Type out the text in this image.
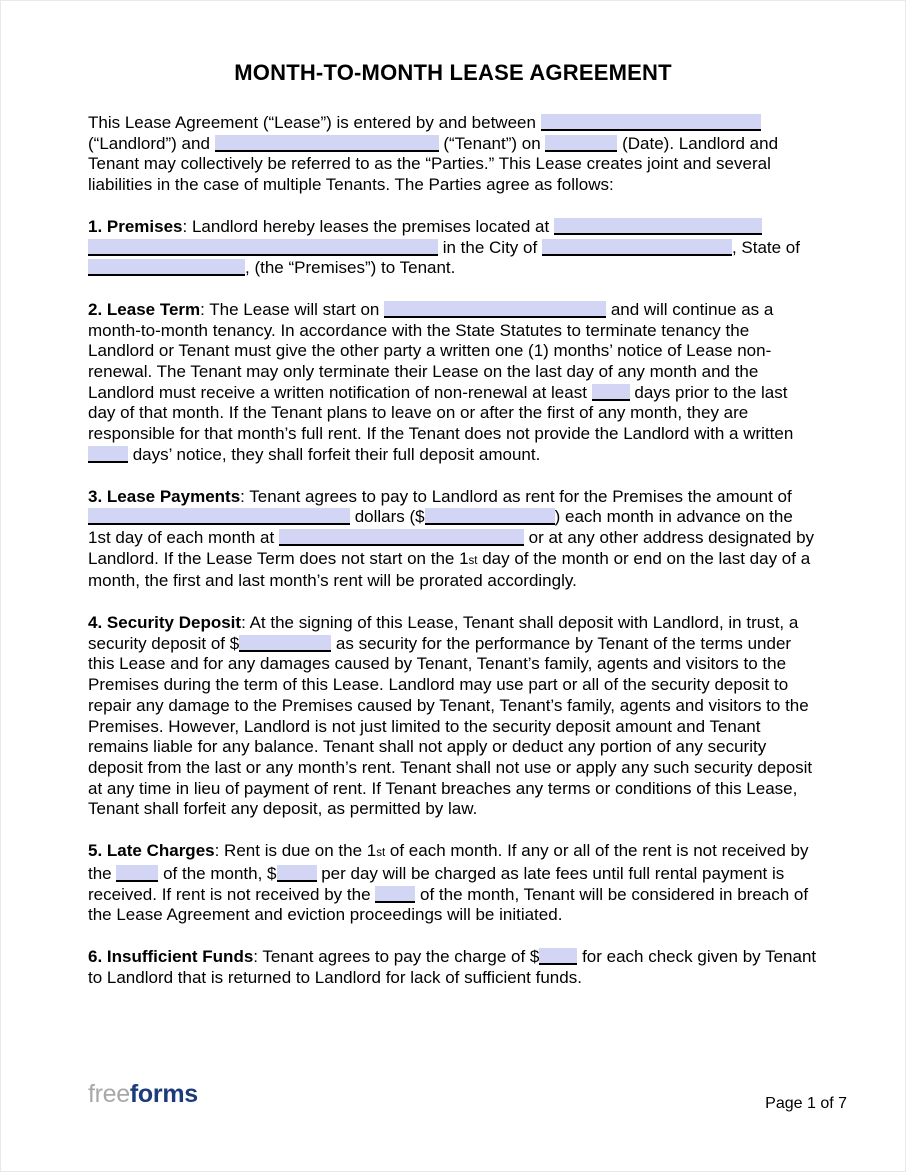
MONTH-TO-MONTH LEASE AGREEMENT

This Lease Agreement (“Lease”) is entered by and between  (“Landlord”) and	(“Tenant”) on	(Date). Landlord and Tenant may collectively be referred to as the “Parties.” This Lease creates joint and several liabilities in the case of multiple Tenants. The Parties agree as follows:

1. Premises: Landlord hereby leases the premises located at   in the City of	, State of , (the “Premises”) to Tenant.

2. Lease Term: The Lease will start on	and will continue as a month-to-month tenancy. In accordance with the State Statutes to terminate tenancy the Landlord or Tenant must give the other party a written one (1) months’ notice of Lease non-renewal. The Tenant may only terminate their Lease on the last day of any month and the Landlord must receive a written notification of non-renewal at least  days prior to the last day of that month. If the Tenant plans to leave on or after the first of any month, they are responsible for that month’s full rent. If the Tenant does not provide the Landlord with a written  days’ notice, they shall forfeit their full deposit amount.

3. Lease Payments: Tenant agrees to pay to Landlord as rent for the Premises the amount of  dollars ($	) each month in advance on the 1st day of each month at	or at any other address designated by Landlord. If the Lease Term does not start on the 1st day of the month or end on the last day of a month, the first and last month’s rent will be prorated accordingly.

4. Security Deposit: At the signing of this Lease, Tenant shall deposit with Landlord, in trust, a security deposit of $	as security for the performance by Tenant of the terms under this Lease and for any damages caused by Tenant, Tenant’s family, agents and visitors to the Premises during the term of this Lease. Landlord may use part or all of the security deposit to repair any damage to the Premises caused by Tenant, Tenant’s family, agents and visitors to the Premises. However, Landlord is not just limited to the security deposit amount and Tenant remains liable for any balance. Tenant shall not apply or deduct any portion of any security deposit from the last or any month’s rent. Tenant shall not use or apply any such security deposit at any time in lieu of payment of rent. If Tenant breaches any terms or conditions of this Lease, Tenant shall forfeit any deposit, as permitted by law.

5. Late Charges: Rent is due on the 1st of each month. If any or all of the rent is not received by the  of the month, $ per day will be charged as late fees until full rental payment is received. If rent is not received by the  of the month, Tenant will be considered in breach of the Lease Agreement and eviction proceedings will be initiated.

6. Insufficient Funds: Tenant agrees to pay the charge of $ for each check given by Tenant to Landlord that is returned to Landlord for lack of sufficient funds.

freeforms	Page 1 of 7
